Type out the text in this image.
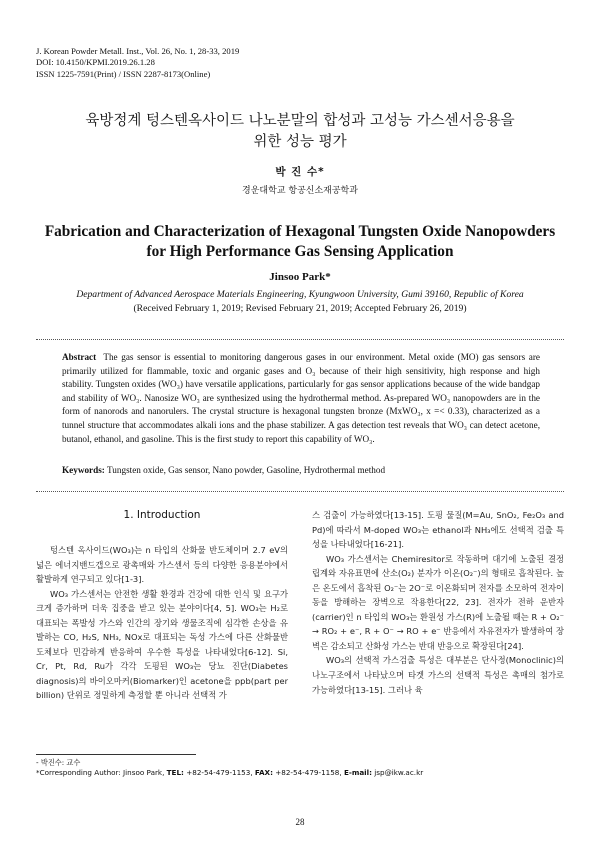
J. Korean Powder Metall. Inst., Vol. 26, No. 1, 28-33, 2019
DOI: 10.4150/KPMI.2019.26.1.28
ISSN 1225-7591(Print) / ISSN 2287-8173(Online)
육방정계 텅스텐옥사이드 나노분말의 합성과 고성능 가스센서응용을
위한 성능 평가
박 진 수*
경운대학교 항공신소재공학과
Fabrication and Characterization of Hexagonal Tungsten Oxide Nanopowders
for High Performance Gas Sensing Application
Jinsoo Park*
Department of Advanced Aerospace Materials Engineering, Kyungwoon University, Gumi 39160, Republic of Korea
(Received February 1, 2019; Revised February 21, 2019; Accepted February 26, 2019)
Abstract The gas sensor is essential to monitoring dangerous gases in our environment. Metal oxide (MO) gas sensors are primarily utilized for flammable, toxic and organic gases and O₃ because of their high sensitivity, high response and high stability. Tungsten oxides (WO₃) have versatile applications, particularly for gas sensor applications because of the wide bandgap and stability of WO₃. Nanosize WO₃ are synthesized using the hydrothermal method. As-prepared WO₃ nanopowders are in the form of nanorods and nanorulers. The crystal structure is hexagonal tungsten bronze (MxWO₃, x =< 0.33), characterized as a tunnel structure that accommodates alkali ions and the phase stabilizer. A gas detection test reveals that WO₃ can detect acetone, butanol, ethanol, and gasoline. This is the first study to report this capability of WO₃.
Keywords: Tungsten oxide, Gas sensor, Nano powder, Gasoline, Hydrothermal method
1. Introduction

텅스텐 옥사이드(WO₃)는 n 타입의 산화물 반도체이며 2.7 eV의 넓은 에너지밴드갭으로 광촉매와 가스센서 등의 다양한 응용분야에서 활발하게 연구되고 있다[1-3].

WO₃ 가스센서는 안전한 생활 환경과 건강에 대한 인식 및 요구가 크게 증가하며 더욱 집중을 받고 있는 분야이다[4, 5]. WO₃는 H₂로 대표되는 폭발성 가스와 인간의 장기와 생물조직에 심각한 손상을 유발하는 CO, H₂S, NH₃, NOx로 대표되는 독성 가스에 다른 산화물반도체보다 민감하게 반응하여 우수한 특성을 나타내었다[6-12]. Si, Cr, Pt, Rd, Ru가 각각 도핑된 WO₃는 당뇨 진단(Diabetes diagnosis)의 바이오마커(Biomarker)인 acetone을 ppb(part per billion) 단위로 정밀하게 측정할 뿐 아니라 선택적 가

스 검출이 가능하였다[13-15]. 도핑 물질(M=Au, SnO₂, Fe₂O₃ and Pd)에 따라서 M-doped WO₃는 ethanol과 NH₃에도 선택적 검출 특성을 나타내었다[16-21].

WO₃ 가스센서는 Chemiresitor로 작동하며 대기에 노출된 결정립계와 자유표면에 산소(O₂) 분자가 이온(O₂⁻)의 형태로 흡착된다. 높은 온도에서 흡착된 O₂⁻는 2O⁻로 이온화되며 전자를 소모하여 전자이동을 방해하는 장벽으로 작용한다[22, 23]. 전자가 전하 운반자(carrier)인 n 타입의 WO₃는 환원성 가스(R)에 노출될 때는 R + O₂⁻ → RO₂ + e⁻, R + O⁻ → RO + e⁻ 반응에서 자유전자가 발생하여 장벽은 감소되고 산화성 가스는 반대 반응으로 확장된다[24].

WO₃의 선택적 가스검출 특성은 대부분은 단사정(Monoclinic)의 나노구조에서 나타났으며 타겟 가스의 선택적 특성은 촉매의 첨가로 가능하였다[13-15]. 그러나 육

- 박진수: 교수
*Corresponding Author: Jinsoo Park, TEL: +82-54-479-1153, FAX: +82-54-479-1158, E-mail: jsp@ikw.ac.kr
28
